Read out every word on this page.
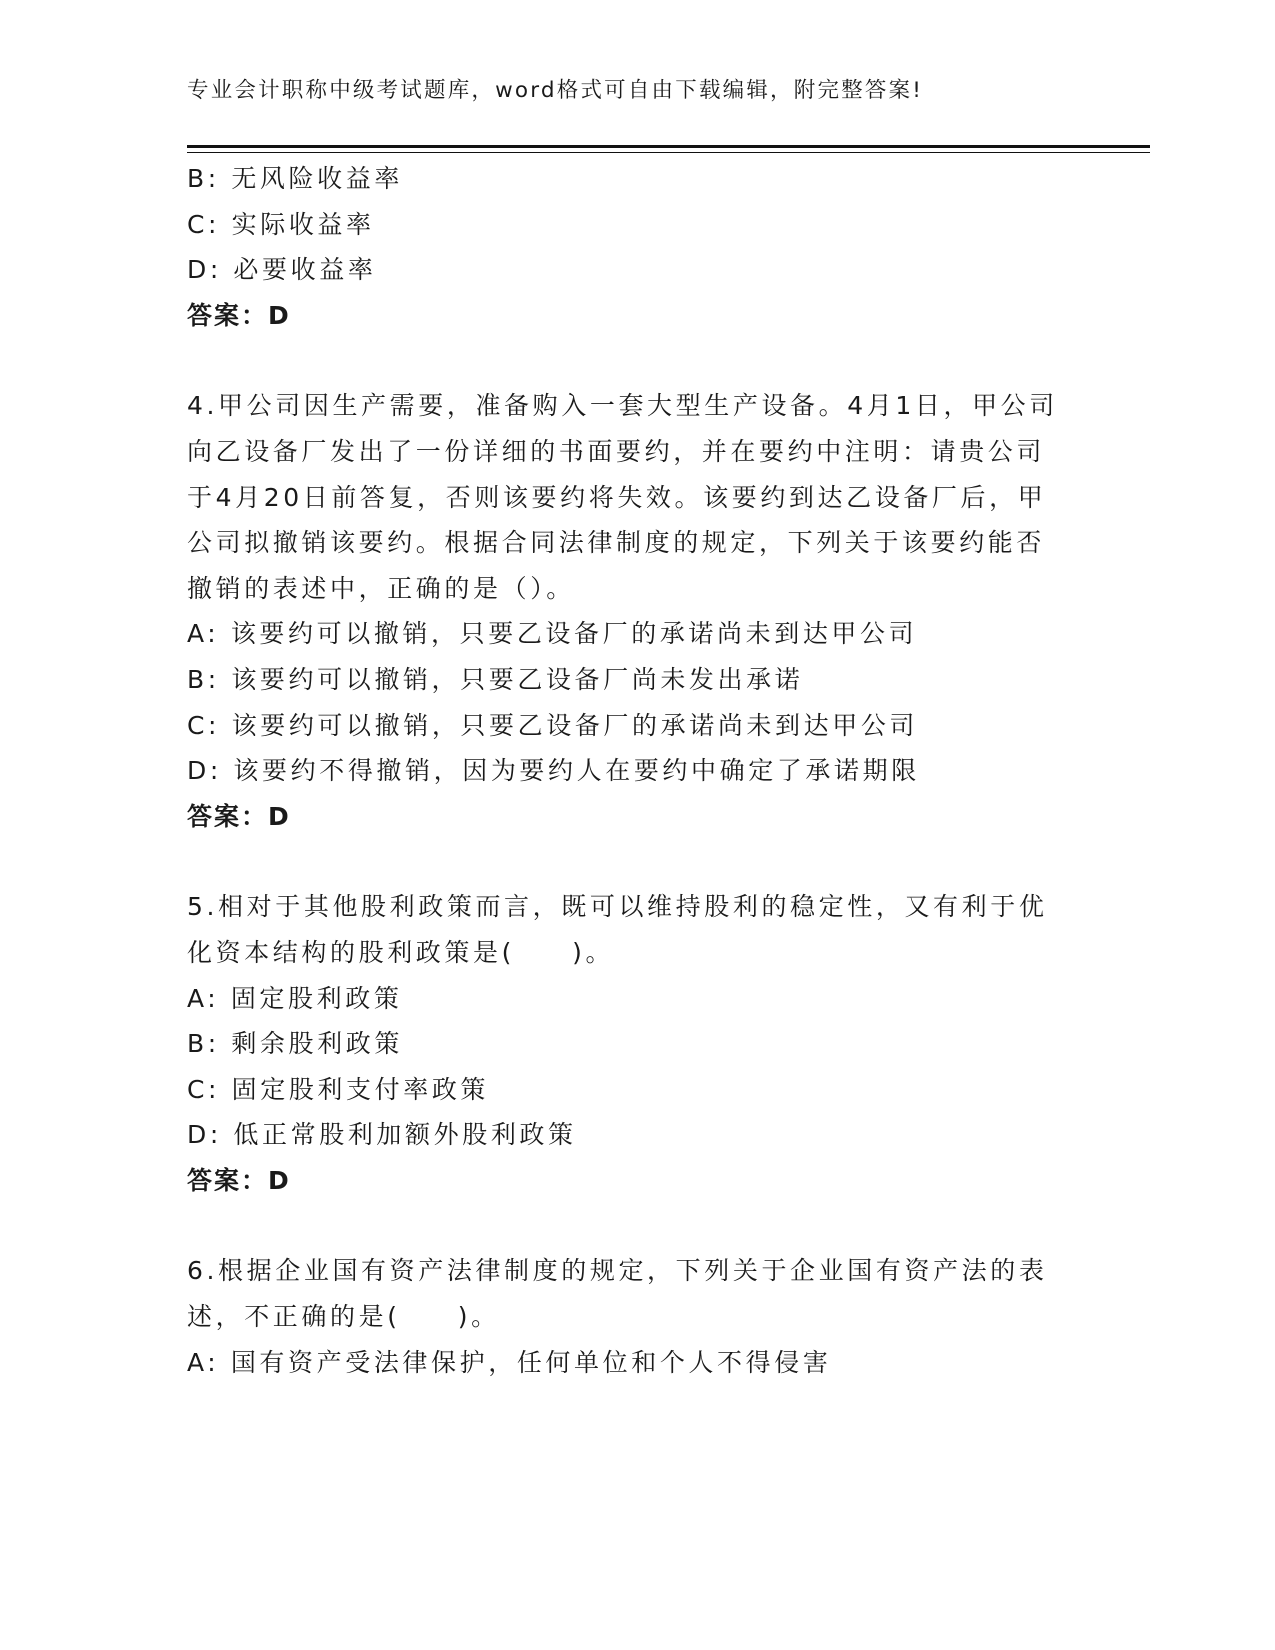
专业会计职称中级考试题库，word格式可自由下载编辑，附完整答案!
B: 无风险收益率
C: 实际收益率
D: 必要收益率
答案：D
4.甲公司因生产需要，准备购入一套大型生产设备。4月1日，甲公司
向乙设备厂发出了一份详细的书面要约，并在要约中注明：请贵公司
于4月20日前答复，否则该要约将失效。该要约到达乙设备厂后，甲
公司拟撤销该要约。根据合同法律制度的规定，下列关于该要约能否
撤销的表述中，正确的是（）。
A: 该要约可以撤销，只要乙设备厂的承诺尚未到达甲公司
B: 该要约可以撤销，只要乙设备厂尚未发出承诺
C: 该要约可以撤销，只要乙设备厂的承诺尚未到达甲公司
D: 该要约不得撤销，因为要约人在要约中确定了承诺期限
答案：D
5.相对于其他股利政策而言，既可以维持股利的稳定性，又有利于优
化资本结构的股利政策是(　　)。
A: 固定股利政策
B: 剩余股利政策
C: 固定股利支付率政策
D: 低正常股利加额外股利政策
答案：D
6.根据企业国有资产法律制度的规定，下列关于企业国有资产法的表
述，不正确的是(　　)。
A: 国有资产受法律保护，任何单位和个人不得侵害
